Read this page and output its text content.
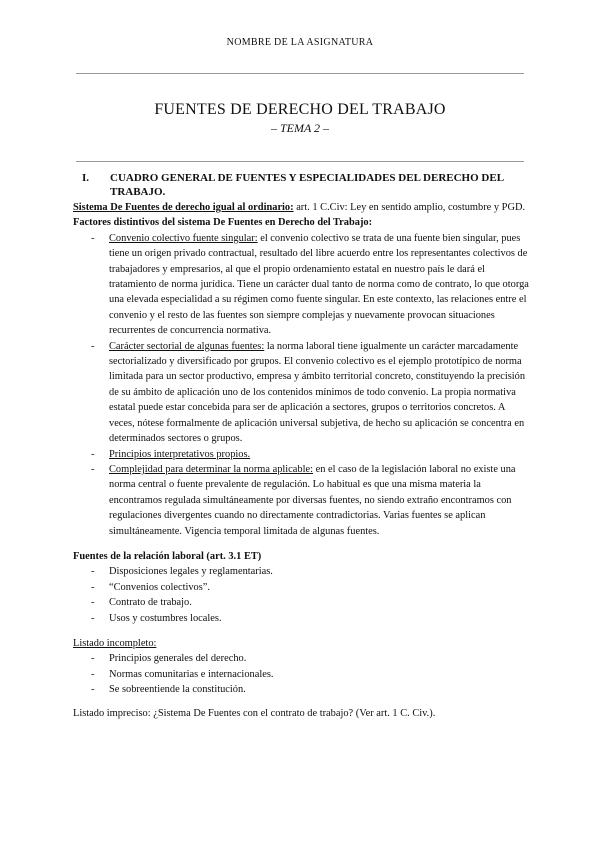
NOMBRE DE LA ASIGNATURA
FUENTES DE DERECHO DEL TRABAJO
– TEMA 2 –
I.	CUADRO GENERAL DE FUENTES Y ESPECIALIDADES DEL DERECHO DEL TRABAJO.

Sistema De Fuentes de derecho igual al ordinario: art. 1 C.Civ: Ley en sentido amplio, costumbre y PGD.

Factores distintivos del sistema De Fuentes en Derecho del Trabajo:

- Convenio colectivo fuente singular: el convenio colectivo se trata de una fuente bien singular, pues tiene un origen privado contractual, resultado del libre acuerdo entre los representantes colectivos de trabajadores y empresarios, al que el propio ordenamiento estatal en nuestro país le dará el tratamiento de norma jurídica. Tiene un carácter dual tanto de norma como de contrato, lo que otorga una elevada especialidad a su régimen como fuente singular. En este contexto, las relaciones entre el convenio y el resto de las fuentes son siempre complejas y nuevamente provocan situaciones recurrentes de concurrencia normativa.
- Carácter sectorial de algunas fuentes: la norma laboral tiene igualmente un carácter marcadamente sectorializado y diversificado por grupos. El convenio colectivo es el ejemplo prototípico de norma limitada para un sector productivo, empresa y ámbito territorial concreto, constituyendo la precisión de su ámbito de aplicación uno de los contenidos mínimos de todo convenio. La propia normativa estatal puede estar concebida para ser de aplicación a sectores, grupos o territorios concretos. A veces, nótese formalmente de aplicación universal subjetiva, de hecho su aplicación se concentra en determinados sectores o grupos.
- Principios interpretativos propios.
- Complejidad para determinar la norma aplicable: en el caso de la legislación laboral no existe una norma central o fuente prevalente de regulación. Lo habitual es que una misma materia la encontramos regulada simultáneamente por diversas fuentes, no siendo extraño encontramos con regulaciones divergentes cuando no directamente contradictorias. Varias fuentes se aplican simultáneamente. Vigencia temporal limitada de algunas fuentes.

Fuentes de la relación laboral (art. 3.1 ET)

- Disposiciones legales y reglamentarias.
- “Convenios colectivos”.
- Contrato de trabajo.
- Usos y costumbres locales.

Listado incompleto:

- Principios generales del derecho.
- Normas comunitarias e internacionales.
- Se sobreentiende la constitución.

Listado impreciso: ¿Sistema De Fuentes con el contrato de trabajo? (Ver art. 1 C. Civ.).
